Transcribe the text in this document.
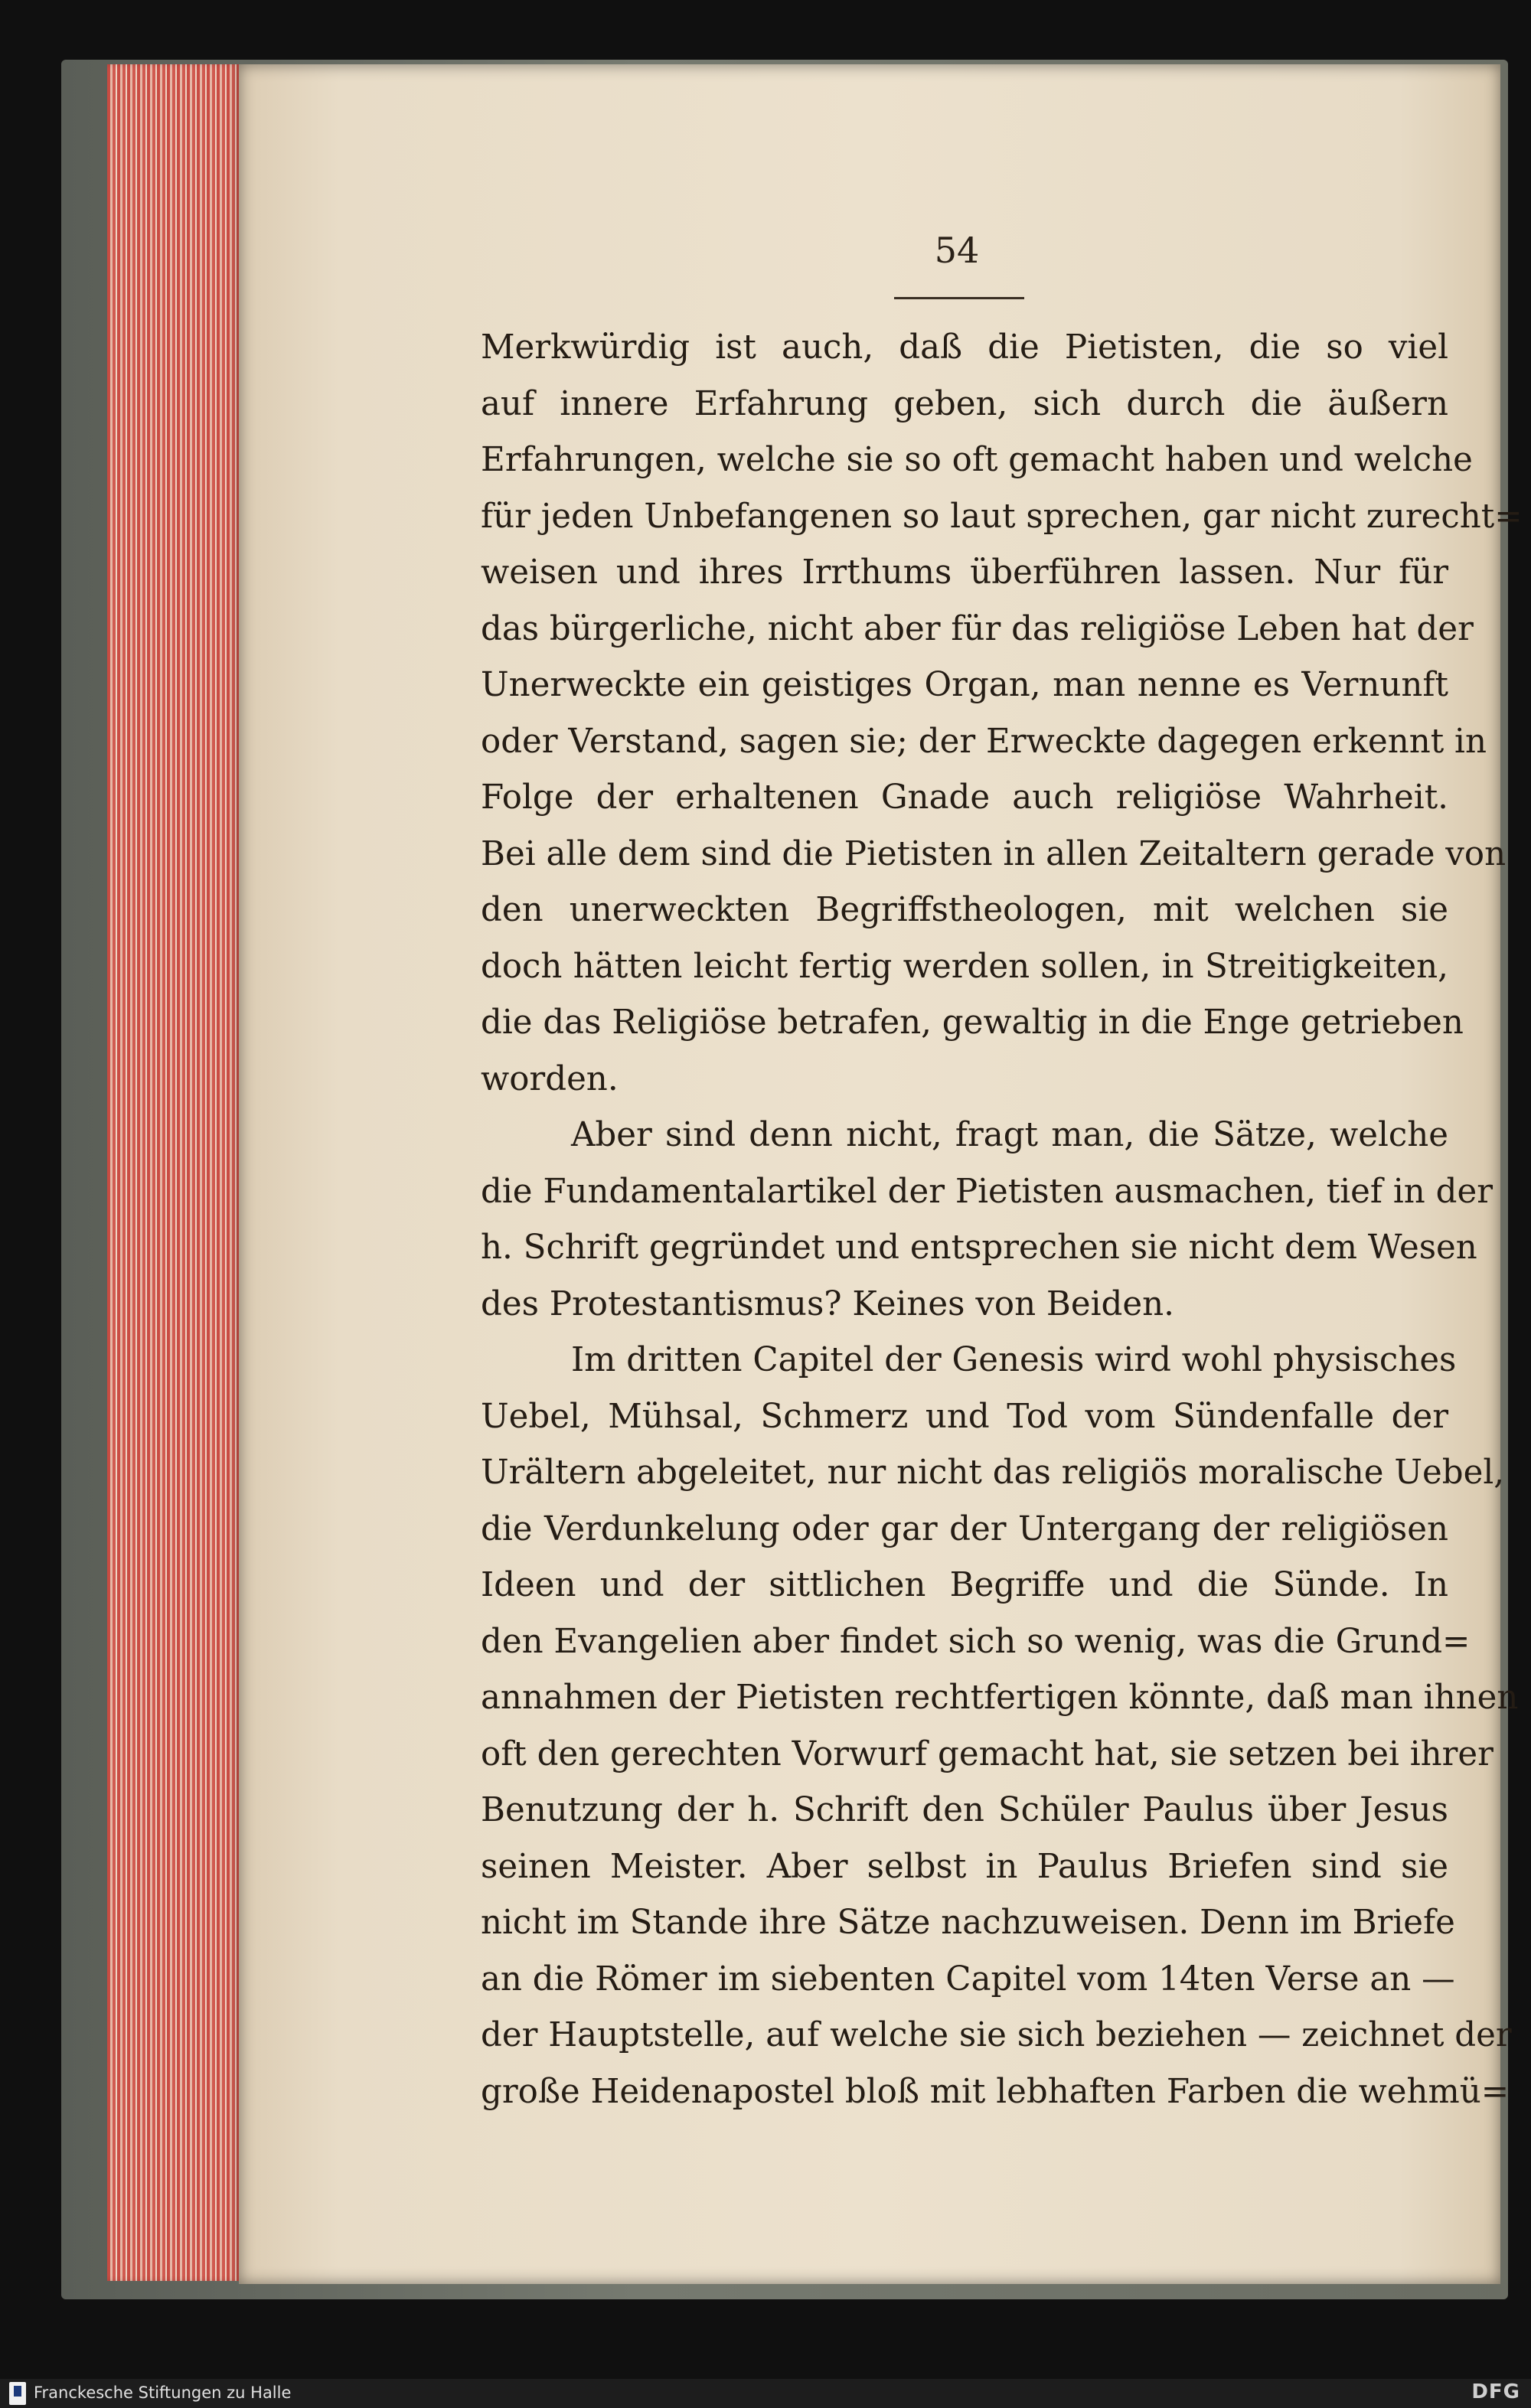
54
Merkwürdig ist auch, daß die Pietisten, die so viel
auf innere Erfahrung geben, sich durch die äußern
Erfahrungen, welche sie so oft gemacht haben und welche
für jeden Unbefangenen so laut sprechen, gar nicht zurecht=
weisen und ihres Irrthums überführen lassen. Nur für
das bürgerliche, nicht aber für das religiöse Leben hat der
Unerweckte ein geistiges Organ, man nenne es Vernunft
oder Verstand, sagen sie; der Erweckte dagegen erkennt in
Folge der erhaltenen Gnade auch religiöse Wahrheit.
Bei alle dem sind die Pietisten in allen Zeitaltern gerade von
den unerweckten Begriffstheologen, mit welchen sie
doch hätten leicht fertig werden sollen, in Streitigkeiten,
die das Religiöse betrafen, gewaltig in die Enge getrieben
worden.
Aber sind denn nicht, fragt man, die Sätze, welche
die Fundamentalartikel der Pietisten ausmachen, tief in der
h. Schrift gegründet und entsprechen sie nicht dem Wesen
des Protestantismus? Keines von Beiden.
Im dritten Capitel der Genesis wird wohl physisches
Uebel, Mühsal, Schmerz und Tod vom Sündenfalle der
Urältern abgeleitet, nur nicht das religiös moralische Uebel,
die Verdunkelung oder gar der Untergang der religiösen
Ideen und der sittlichen Begriffe und die Sünde. In
den Evangelien aber findet sich so wenig, was die Grund=
annahmen der Pietisten rechtfertigen könnte, daß man ihnen
oft den gerechten Vorwurf gemacht hat, sie setzen bei ihrer
Benutzung der h. Schrift den Schüler Paulus über Jesus
seinen Meister. Aber selbst in Paulus Briefen sind sie
nicht im Stande ihre Sätze nachzuweisen. Denn im Briefe
an die Römer im siebenten Capitel vom 14ten Verse an —
der Hauptstelle, auf welche sie sich beziehen — zeichnet der
große Heidenapostel bloß mit lebhaften Farben die wehmü=
Franckesche Stiftungen zu Halle	DFG
